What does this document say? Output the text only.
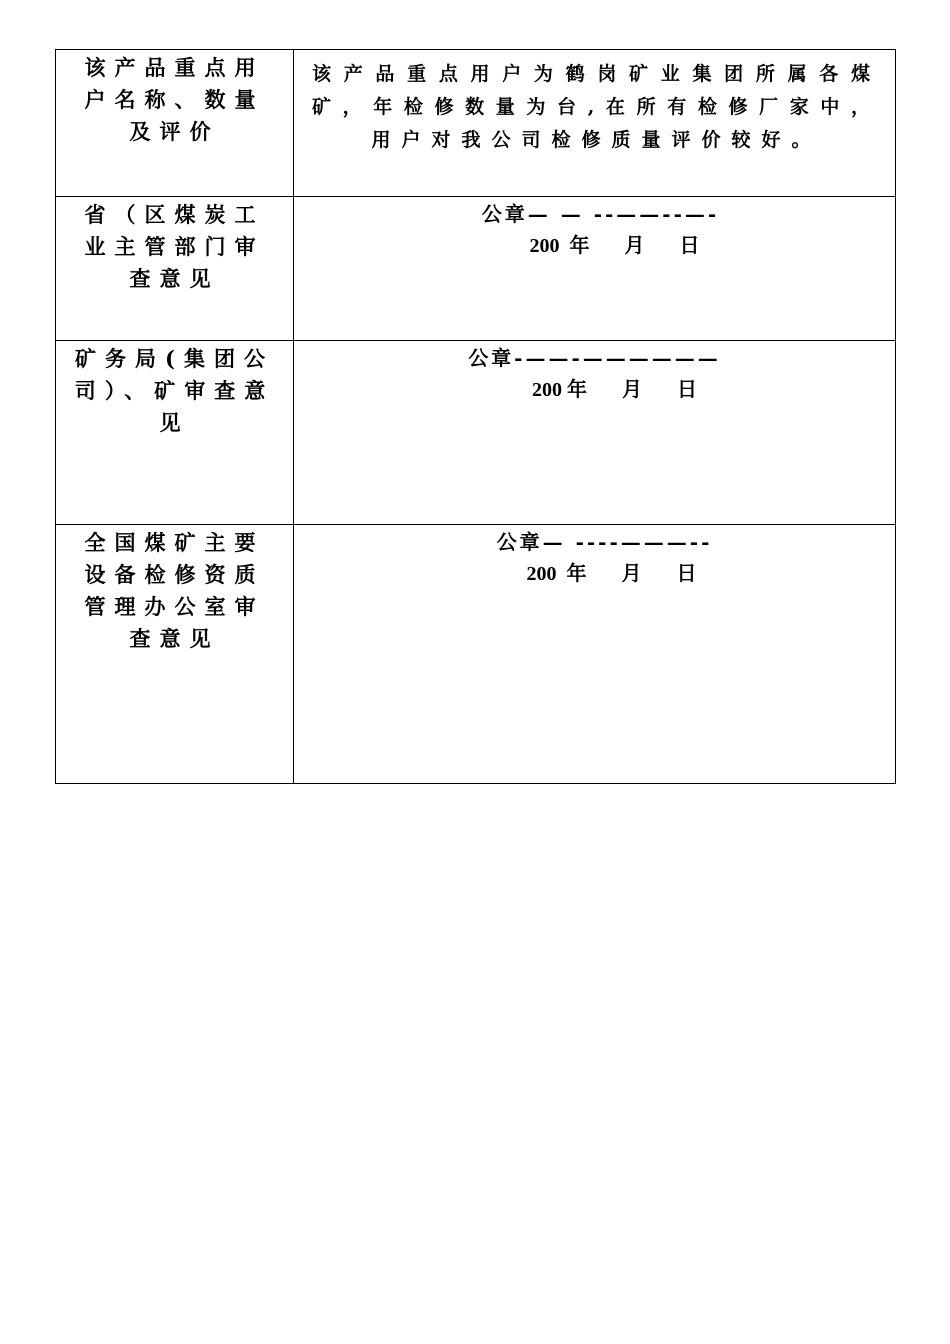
该产品重点用户名称、数量及评价	该产品重点用户为鹤岗矿业集团所属各煤矿，年检修数量为台,在所有检修厂家中，用户对我公司检修质量评价较好。

省（区煤炭工业主管部门审查意见	公章— — --——--—-
200  年       月       日

矿务局(集团公司）、矿审查意见	公章-——-——————
200 年       月       日

全国煤矿主要设备检修资质管理办公室审查意见	公章— ----———--
200  年       月       日
